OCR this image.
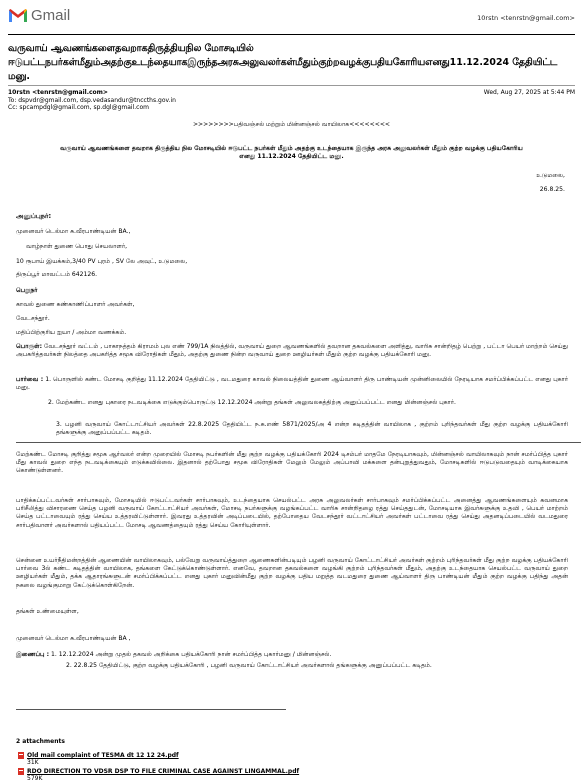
Gmail	10rstn <tenrstn@gmail.com>
வருவாய் ஆவணங்களைதவறாகதிருத்தியநில மோசடியில் ஈடுபட்டநபர்கள்மீதும்அதற்குஉடந்தையாகஇருந்தஅரசுஅலுவலர்கள்மீதும்குற்றவழக்குபதியகோரியஎனது11.12.2024 தேதியிட்ட மனு.
10rstn <tenrstn@gmail.com>	Wed, Aug 27, 2025 at 5:44 PM
To: dspvdr@gmail.com, dsp.vedasandur@tnccths.gov.in
Cc: spcampdgl@gmail.com, sp.dgl@gmail.com
>>>>>>>>பதிவஞ்சல் மற்றும் மின்னஞ்சல் வாயிலாக<<<<<<<<
வருவாய் ஆவணங்களை தவறாக திருத்திய நில மோசடியில் ஈடுபட்ட நபர்கள் மீதும் அதற்கு உடந்தையாக இருந்த அரசு அலுவலர்கள் மீதும் குற்ற வழக்கு பதியகோரிய எனது 11.12.2024 தேதியிட்ட மனு.
உடுமலை,
26.8.25.
அனுப்புநர்:
முனைவர் டெல்மா சு.வீரபாண்டியன் BA.,
வாழ்நாள் துணை பொது செயலாளர்,
10 ரூபாய் இயக்கம்,3/40 PV புரம் , SV லே அவுட், உடுமலை,
திருப்பூர் மாவட்டம் 642126.
பெறுநர்
காவல் துணை கண்காணிப்பாளர் அவர்கள்,
வேடசந்தூர்.
மதிப்பிற்குரிய ஐயா / அம்மா வணக்கம்.
பொருள்: வேடசந்தூர் வட்டம் , பாகாநத்தம் கிராமம் புல எண் 799/1A நிலத்தில், வருவாய் துறை ஆவணங்களில் தவறான தகவல்களை அளித்து, வாரிசு சான்றிதழ் பெற்று , பட்டா பெயர் மாற்றம் செய்து அபகரித்தவர்கள் நிலத்தை அபகரித்த சமூக விரோதிகள் மீதும், அதற்கு துணை நின்ற வருவாய் துறை ஊழியர்கள் மீதும் குற்ற வழக்கு பதியக்கோரி மனு.
பார்வை : 1. பொருளில் கண்ட மோசடி குறித்து 11.12.2024 தேதியிட்டு , வடமதுரை காவல் நிலையத்தின் துணை ஆய்வாளர் திரு பாண்டியன் முன்னிலையில் நேரடியாக சமர்ப்பிக்கப்பட்ட எனது புகார் மனு.
2. மேற்கண்ட எனது புகாரை நடவடிக்கை எடுக்கும்பொருட்டு 12.12.2024 அன்று தங்கள் அலுவலகத்திற்கு அனுப்பப்பட்ட எனது மின்னஞ்சல் புகார்.
3. பழனி வருவாய் கோட்டாட்சியர் அவர்கள் 22.8.2025 தேதியிட்ட ந.க.எண் 5871/2025/அ 4 என்ற கடிதத்தின் வாயிலாக , குற்றம் புரிந்தவர்கள் மீது குற்ற வழக்கு பதியக்கோரி தங்களுக்கு அனுப்பப்பட்ட கடிதம்.
மேற்கண்ட மோசடி குறித்து சமூக ஆர்வலர் என்ற முறையில் மோசடி நபர்களின் மீது குற்ற வழக்கு பதியக்கோரி 2024 டிசம்பர் மாதமே நேரடியாகவும், மின்னஞ்சல் வாயிலாகவும் நான் சமர்ப்பித்த புகார் மீது காவல் துறை எந்த நடவடிக்கையும் எடுக்கவில்லை. இதனால் தற்போது சமூக விரோதிகள் மேலும் மேலும் அப்பாவி மக்களை தன்புறுத்துவதும், மோசடிகளில் ஈடுபடுவதையும் வாடிக்கையாக கொண்டுள்ளனர்.
பாதிக்கப்பட்டவர்கள் சார்பாகவும், மோசடியில் ஈடுபட்டவர்கள் சார்பாகவும், உடந்தையாக செயல்பட்ட அரசு அலுவலர்கள் சார்பாகவும் சமர்ப்பிக்கப்பட்ட அனைத்து ஆவணங்களையும் கவனமாக பரிசீலித்து விசாரணை செய்த பழனி வருவாய் கோட்டாட்சியர் அவர்கள், மோசடி நபர்களுக்கு வழங்கப்பட்ட வாரிசு சான்றிதழை ரத்து செய்ததுடன், மோசடியாக இவர்களுக்கு உதவி , பெயர் மாற்றம் செய்த பட்டாவையும் ரத்து செய்ய உத்தரவிட்டுள்ளார். இவரது உத்தரவின் அடிப்படையில், தற்போதைய வேடசந்தூர் வட்டாட்சியர் அவர்கள் பட்டாவை ரத்து செய்து அதனடிப்படையில் வடமதுரை சார்பதிவாளர் அவர்களால் பதியப்பட்ட மோசடி ஆவணத்தையும் ரத்து செய்ய கோரியுள்ளார்.
சென்னை உயர்நீதிமன்றத்தின் ஆணையின் வாயிலாகவும், பல்வேறு வருவாய்த்துறை ஆணைகளின்படியும் பழனி வருவாய் கோட்டாட்சியர் அவர்கள் குற்றம் புரிந்தவர்கள் மீது குற்ற வழக்கு பதியக்கோரி பார்வை 3ல் கண்ட கடிதத்தின் வாயிலாக, தங்களை கேட்டுக்கொண்டுள்ளார். எனவே, தவறான தகவல்களை வழங்கி குற்றம் புரிந்தவர்கள் மீதும், அதற்கு உடந்தையாக செயல்பட்ட வருவாய் துறை ஊழியர்கள் மீதும், தக்க ஆதாரங்களுடன் சமர்ப்பிக்கப்பட்ட எனது புகார் மனுவின்மீது குற்ற வழக்கு பதிய மறுத்த வடமதுரை துணை ஆய்வாளர் திரு பாண்டியன் மீதும் குற்ற வழக்கு பதிந்து அதன் நகலை வழங்குமாறு கேட்டுக்கொள்கிறேன்.
தங்கள் உண்மையுள்ள,
முனைவர் டெல்மா சு.வீரபாண்டியன் BA ,
இணைப்பு : 1. 12.12.2024 அன்று முதல் தகவல் அறிக்கை பதியக்கோரி நான் சமர்ப்பித்த புகார்மனு / மின்னஞ்சல்.
2. 22.8.25 தேதியிட்டு, குற்ற வழக்கு பதியக்கோரி , பழனி வருவாய் கோட்டாட்சியர் அவர்களால் தங்களுக்கு அனுப்பப்பட்ட கடிதம்.
2 attachments
Old mail complaint of TESMA dt 12 12 24.pdf
31K
RDO DIRECTION TO VDSR DSP TO FILE CRIMINAL CASE AGAINST LINGAMMAL.pdf
579K
